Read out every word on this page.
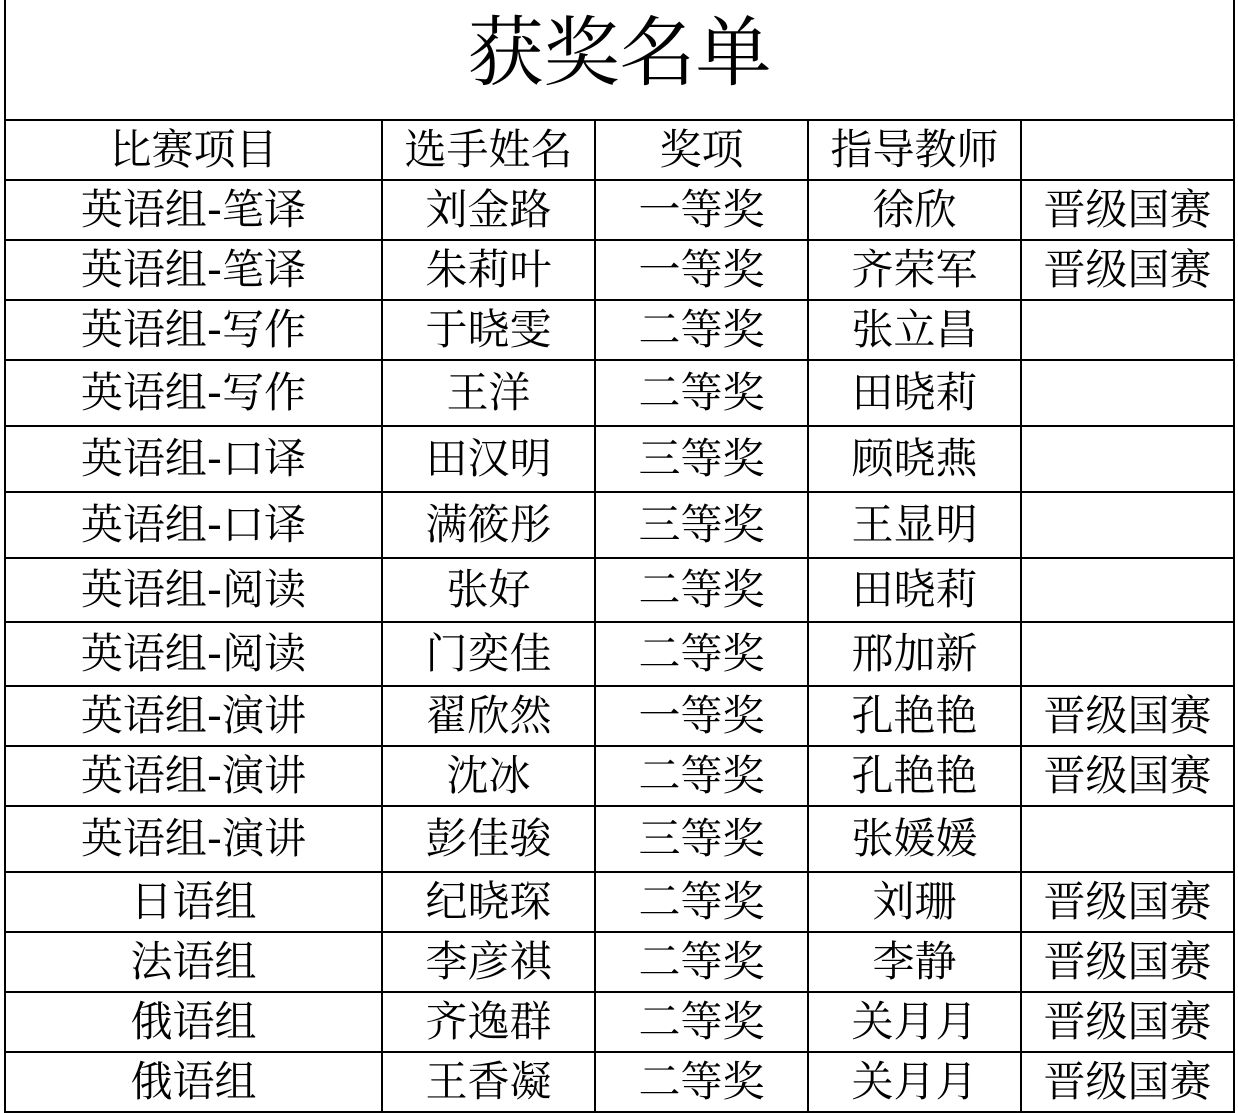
获奖名单				
比赛项目	选手姓名	奖项	指导教师	
英语组-笔译	刘金路	一等奖	徐欣	晋级国赛
英语组-笔译	朱莉叶	一等奖	齐荣军	晋级国赛
英语组-写作	于晓雯	二等奖	张立昌	
英语组-写作	王洋	二等奖	田晓莉	
英语组-口译	田汉明	三等奖	顾晓燕	
英语组-口译	满筱彤	三等奖	王显明	
英语组-阅读	张好	二等奖	田晓莉	
英语组-阅读	门奕佳	二等奖	邢加新	
英语组-演讲	翟欣然	一等奖	孔艳艳	晋级国赛
英语组-演讲	沈冰	二等奖	孔艳艳	晋级国赛
英语组-演讲	彭佳骏	三等奖	张媛媛	
日语组	纪晓琛	二等奖	刘珊	晋级国赛
法语组	李彦祺	二等奖	李静	晋级国赛
俄语组	齐逸群	二等奖	关月月	晋级国赛
俄语组	王香凝	二等奖	关月月	晋级国赛
